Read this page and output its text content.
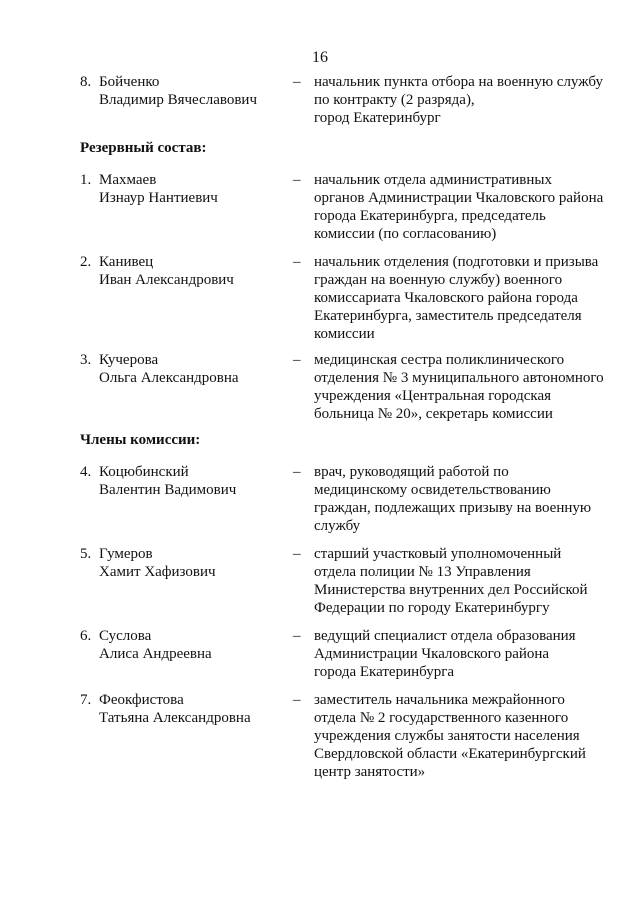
16
8. Бойченко
Владимир Вячеславович
– начальник пункта отбора на военную службу
по контракту (2 разряда),
город Екатеринбург
Резервный состав:
1. Махмаев
Изнаур Нантиевич
– начальник отдела административных
органов Администрации Чкаловского района
города Екатеринбурга, председатель
комиссии (по согласованию)
2. Канивец
Иван Александрович
– начальник отделения (подготовки и призыва
граждан на военную службу) военного
комиссариата Чкаловского района города
Екатеринбурга, заместитель председателя
комиссии
3. Кучерова
Ольга Александровна
– медицинская сестра поликлинического
отделения № 3 муниципального автономного
учреждения «Центральная городская
больница № 20», секретарь комиссии
Члены комиссии:
4. Коцюбинский
Валентин Вадимович
– врач, руководящий работой по
медицинскому освидетельствованию
граждан, подлежащих призыву на военную
службу
5. Гумеров
Хамит Хафизович
– старший участковый уполномоченный
отдела полиции № 13 Управления
Министерства внутренних дел Российской
Федерации по городу Екатеринбургу
6. Суслова
Алиса Андреевна
– ведущий специалист отдела образования
Администрации Чкаловского района
города Екатеринбурга
7. Феокфистова
Татьяна Александровна
– заместитель начальника межрайонного
отдела № 2 государственного казенного
учреждения службы занятости населения
Свердловской области «Екатеринбургский
центр занятости»
